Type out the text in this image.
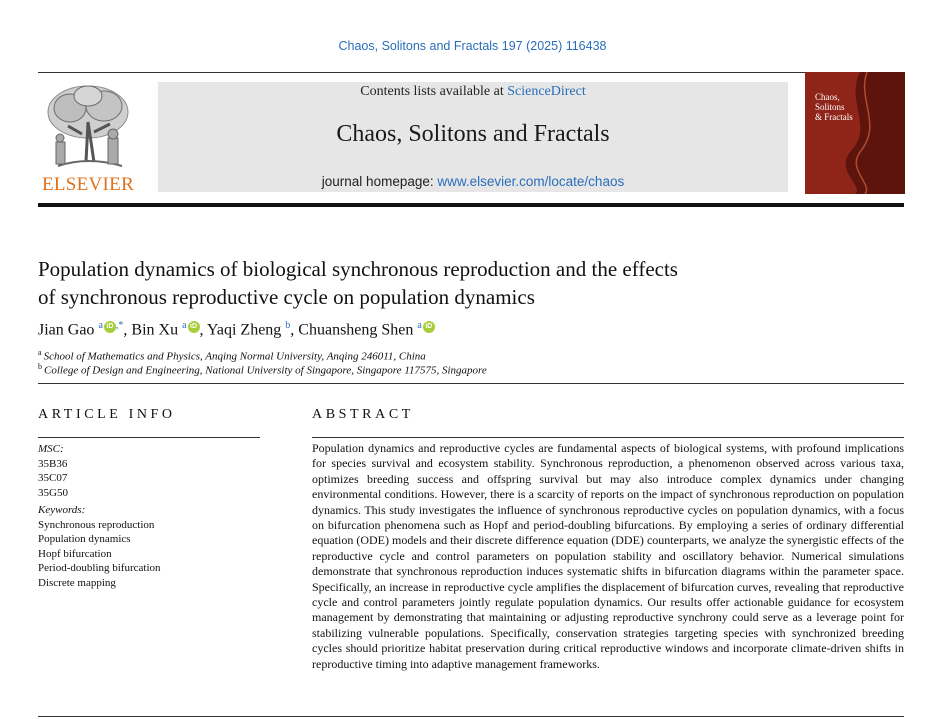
Chaos, Solitons and Fractals 197 (2025) 116438
ELSEVIER
Contents lists available at ScienceDirect
Chaos, Solitons and Fractals
journal homepage: www.elsevier.com/locate/chaos
Chaos,
Solitons
& Fractals
Population dynamics of biological synchronous reproduction and the effects
of synchronous reproductive cycle on population dynamics
Jian Gao $^a$ iD ,*, Bin Xu $^a$ iD , Yaqi Zheng $^b$, Chuansheng Shen $^a$ iD
$^a$ School of Mathematics and Physics, Anqing Normal University, Anqing 246011, China
$^b$ College of Design and Engineering, National University of Singapore, Singapore 117575, Singapore
ARTICLE INFO
MSC:
35B36
35C07
35G50
Keywords:
Synchronous reproduction
Population dynamics
Hopf bifurcation
Period-doubling bifurcation
Discrete mapping
ABSTRACT
Population dynamics and reproductive cycles are fundamental aspects of biological systems, with profound implications for species survival and ecosystem stability. Synchronous reproduction, a phenomenon observed across various taxa, optimizes breeding success and offspring survival but may also introduce complex dynamics under changing environmental conditions. However, there is a scarcity of reports on the impact of synchronous reproduction on population dynamics. This study investigates the influence of synchronous reproductive cycles on population dynamics, with a focus on bifurcation phenomena such as Hopf and period-doubling bifurcations. By employing a series of ordinary differential equation (ODE) models and their discrete difference equation (DDE) counterparts, we analyze the synergistic effects of the reproductive cycle and control parameters on population stability and oscillatory behavior. Numerical simulations demonstrate that synchronous reproduction induces systematic shifts in bifurcation diagrams within the parameter space. Specifically, an increase in reproductive cycle amplifies the displacement of bifurcation curves, revealing that reproductive cycle and control parameters jointly regulate population dynamics. Our results offer actionable guidance for ecosystem management by demonstrating that maintaining or adjusting reproductive synchrony could serve as a leverage point for stabilizing vulnerable populations. Specifically, conservation strategies targeting species with synchronized breeding cycles should prioritize habitat preservation during critical reproductive windows and incorporate climate-driven shifts in reproductive timing into adaptive management frameworks.
